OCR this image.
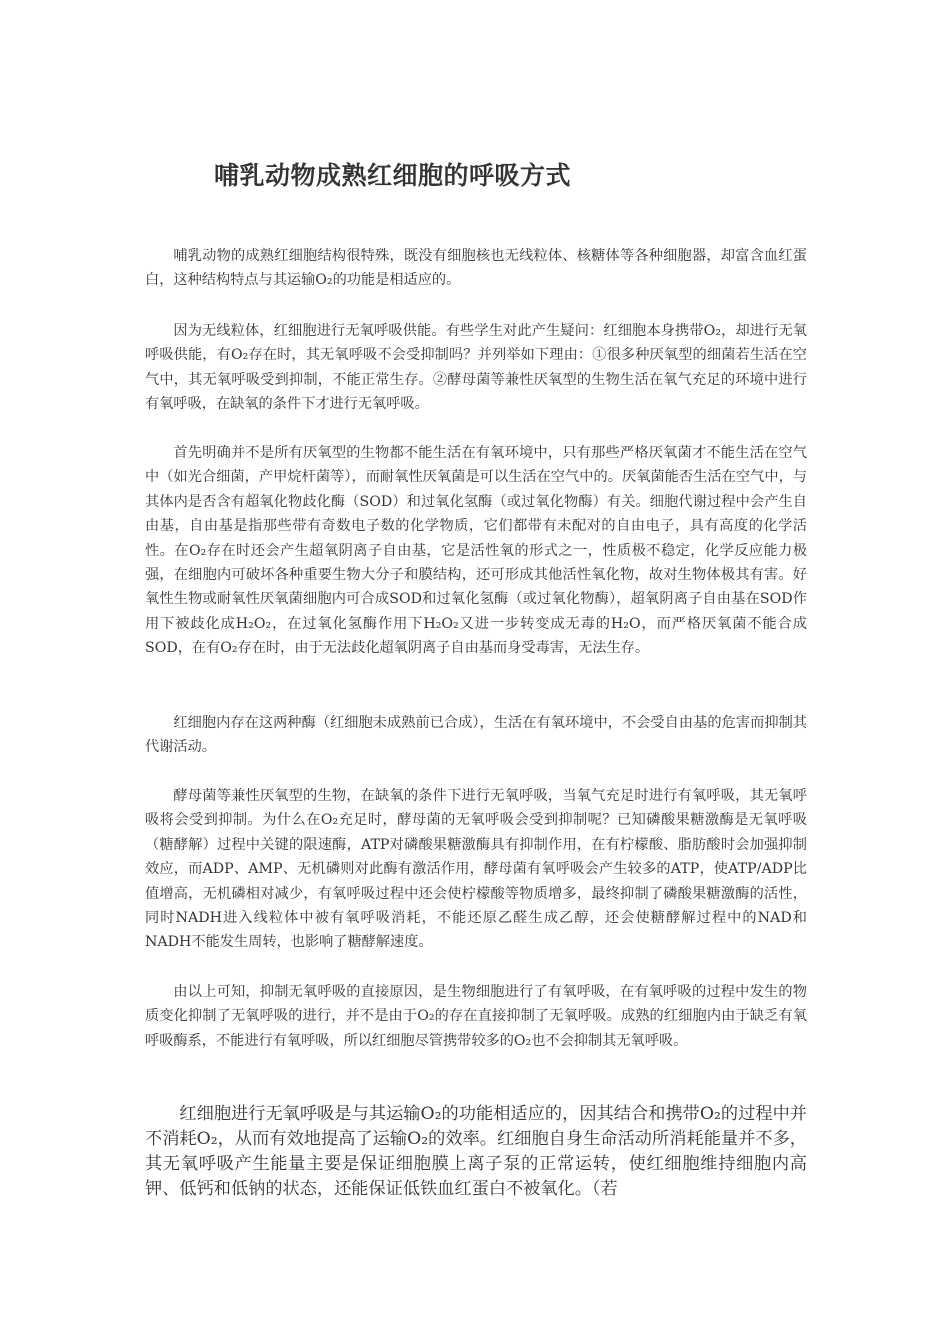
哺乳动物成熟红细胞的呼吸方式

哺乳动物的成熟红细胞结构很特殊，既没有细胞核也无线粒体、核糖体等各种细胞器，却富含血红蛋白，这种结构特点与其运输O₂的功能是相适应的。

因为无线粒体，红细胞进行无氧呼吸供能。有些学生对此产生疑问：红细胞本身携带O₂，却进行无氧呼吸供能，有O₂存在时，其无氧呼吸不会受抑制吗？并列举如下理由：①很多种厌氧型的细菌若生活在空气中，其无氧呼吸受到抑制，不能正常生存。②酵母菌等兼性厌氧型的生物生活在氧气充足的环境中进行有氧呼吸，在缺氧的条件下才进行无氧呼吸。

首先明确并不是所有厌氧型的生物都不能生活在有氧环境中，只有那些严格厌氧菌才不能生活在空气中（如光合细菌，产甲烷杆菌等），而耐氧性厌氧菌是可以生活在空气中的。厌氧菌能否生活在空气中，与其体内是否含有超氧化物歧化酶（SOD）和过氧化氢酶（或过氧化物酶）有关。细胞代谢过程中会产生自由基，自由基是指那些带有奇数电子数的化学物质，它们都带有未配对的自由电子，具有高度的化学活性。在O₂存在时还会产生超氧阴离子自由基，它是活性氧的形式之一，性质极不稳定，化学反应能力极强，在细胞内可破坏各种重要生物大分子和膜结构，还可形成其他活性氧化物，故对生物体极其有害。好氧性生物或耐氧性厌氧菌细胞内可合成SOD和过氧化氢酶（或过氧化物酶），超氧阴离子自由基在SOD作用下被歧化成H₂O₂，在过氧化氢酶作用下H₂O₂又进一步转变成无毒的H₂O，而严格厌氧菌不能合成SOD，在有O₂存在时，由于无法歧化超氧阴离子自由基而身受毒害，无法生存。

红细胞内存在这两种酶（红细胞未成熟前已合成），生活在有氧环境中，不会受自由基的危害而抑制其代谢活动。

酵母菌等兼性厌氧型的生物，在缺氧的条件下进行无氧呼吸，当氧气充足时进行有氧呼吸，其无氧呼吸将会受到抑制。为什么在O₂充足时，酵母菌的无氧呼吸会受到抑制呢？已知磷酸果糖激酶是无氧呼吸（糖酵解）过程中关键的限速酶，ATP对磷酸果糖激酶具有抑制作用，在有柠檬酸、脂肪酸时会加强抑制效应，而ADP、AMP、无机磷则对此酶有激活作用，酵母菌有氧呼吸会产生较多的ATP，使ATP/ADP比值增高，无机磷相对减少，有氧呼吸过程中还会使柠檬酸等物质增多，最终抑制了磷酸果糖激酶的活性，同时NADH进入线粒体中被有氧呼吸消耗，不能还原乙醛生成乙醇，还会使糖酵解过程中的NAD和NADH不能发生周转，也影响了糖酵解速度。

由以上可知，抑制无氧呼吸的直接原因，是生物细胞进行了有氧呼吸，在有氧呼吸的过程中发生的物质变化抑制了无氧呼吸的进行，并不是由于O₂的存在直接抑制了无氧呼吸。成熟的红细胞内由于缺乏有氧呼吸酶系，不能进行有氧呼吸，所以红细胞尽管携带较多的O₂也不会抑制其无氧呼吸。

红细胞进行无氧呼吸是与其运输O₂的功能相适应的，因其结合和携带O₂的过程中并不消耗O₂，从而有效地提高了运输O₂的效率。红细胞自身生命活动所消耗能量并不多，其无氧呼吸产生能量主要是保证细胞膜上离子泵的正常运转，使红细胞维持细胞内高钾、低钙和低钠的状态，还能保证低铁血红蛋白不被氧化。（若
